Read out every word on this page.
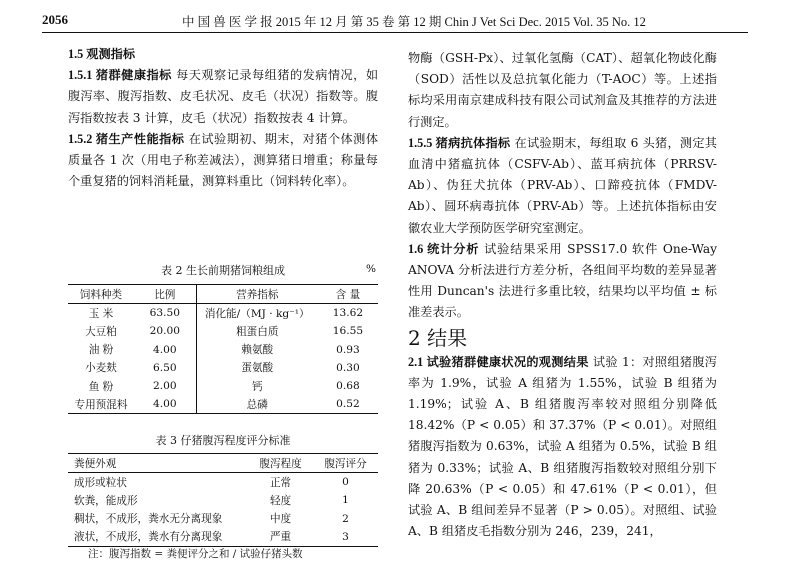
2056	中 国 兽 医 学 报 2015 年 12 月 第 35 卷 第 12 期 Chin J Vet Sci Dec. 2015 Vol. 35 No. 12

1.5 观测指标

1.5.1 猪群健康指标 每天观察记录每组猪的发病情况，如腹泻率、腹泻指数、皮毛状况、皮毛（状况）指数等。腹泻指数按表 3 计算，皮毛（状况）指数按表 4 计算。

1.5.2 猪生产性能指标 在试验期初、期末，对猪个体测体质量各 1 次（用电子称差减法），测算猪日增重；称量每个重复猪的饲料消耗量，测算料重比（饲料转化率）。

表 2 生长前期猪饲粮组成	%
饲料种类	比例	营养指标	含 量
玉 米	63.50	消化能/（MJ · kg⁻¹）	13.62
大豆粕	20.00	粗蛋白质	16.55
油 粉	4.00	赖氨酸	0.93
小麦麸	6.50	蛋氨酸	0.30
鱼 粉	2.00	钙	0.68
专用预混料	4.00	总磷	0.52
表 3 仔猪腹泻程度评分标准
粪便外观	腹泻程度	腹泻评分
成形或粒状	正常	0
软粪，能成形	轻度	1
稠状，不成形，粪水无分离现象	中度	2
液状，不成形，粪水有分离现象	严重	3
注：腹泻指数 = 粪便评分之和 / 试验仔猪头数

物酶（GSH-Px）、过氧化氢酶（CAT）、超氧化物歧化酶（SOD）活性以及总抗氧化能力（T-AOC）等。上述指标均采用南京建成科技有限公司试剂盒及其推荐的方法进行测定。

1.5.5 猪病抗体指标 在试验期末，每组取 6 头猪，测定其血清中猪瘟抗体（CSFV-Ab）、蓝耳病抗体（PRRSV-Ab）、伪狂犬抗体（PRV-Ab）、口蹄疫抗体（FMDV-Ab）、圆环病毒抗体（PRV-Ab）等。上述抗体指标由安徽农业大学预防医学研究室测定。

1.6 统计分析 试验结果采用 SPSS17.0 软件 One-Way ANOVA 分析法进行方差分析，各组间平均数的差异显著性用 Duncan's 法进行多重比较，结果均以平均值 ± 标准差表示。

2 结果

2.1 试验猪群健康状况的观测结果 试验 1：对照组猪腹泻率为 1.9%，试验 A 组猪为 1.55%，试验 B 组猪为 1.19%；试验 A、B 组猪腹泻率较对照组分别降低 18.42%（P < 0.05）和 37.37%（P < 0.01）。对照组猪腹泻指数为 0.63%，试验 A 组猪为 0.5%，试验 B 组猪为 0.33%；试验 A、B 组猪腹泻指数较对照组分别下降 20.63%（P < 0.05）和 47.61%（P < 0.01），但试验 A、B 组间差异不显著（P > 0.05）。对照组、试验 A、B 组猪皮毛指数分别为 246，239，241，
